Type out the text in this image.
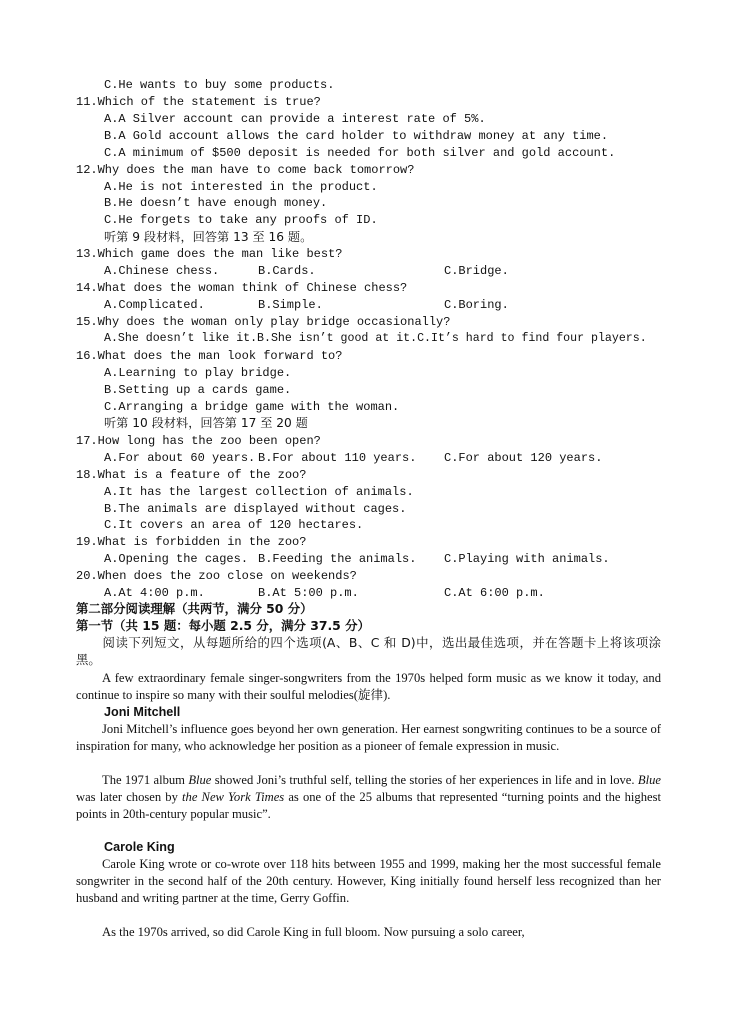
C.He wants to buy some products.
11.Which of the statement is true?
A.A Silver account can provide a interest rate of 5%.
B.A Gold account allows the card holder to withdraw money at any time.
C.A minimum of $500 deposit is needed for both silver and gold account.
12.Why does the man have to come back tomorrow?
A.He is not interested in the product.
B.He doesn’t have enough money.
C.He forgets to take any proofs of ID.
听第 9 段材料，回答第 13 至 16 题。
13.Which game does the man like best?
A.Chinese chess.	B.Cards.	C.Bridge.
14.What does the woman think of Chinese chess?
A.Complicated.	B.Simple.	C.Boring.
15.Why does the woman only play bridge occasionally?
A.She doesn’t like it.B.She isn’t good at it.C.It’s hard to find four players.
16.What does the man look forward to?
A.Learning to play bridge.
B.Setting up a cards game.
C.Arranging a bridge game with the woman.
听第 10 段材料，回答第 17 至 20 题
17.How long has the zoo been open?
A.For about 60 years. B.For about 110 years. C.For about 120 years.
18.What is a feature of the zoo?
A.It has the largest collection of animals.
B.The animals are displayed without cages.
C.It covers an area of 120 hectares.
19.What is forbidden in the zoo?
A.Opening the cages. B.Feeding the animals. C.Playing with animals.
20.When does the zoo close on weekends?
A.At 4:00 p.m.	B.At 5:00 p.m.	C.At 6:00 p.m.
第二部分阅读理解（共两节，满分 50 分）
第一节（共 15 题：每小题 2.5 分，满分 37.5 分）
阅读下列短文，从每题所给的四个选项(A、B、C 和 D)中，选出最佳选项，并在答题卡上将该项涂黑。
A few extraordinary female singer-songwriters from the 1970s helped form music as we know it today, and continue to inspire so many with their soulful melodies(旋律).
Joni Mitchell
Joni Mitchell’s influence goes beyond her own generation. Her earnest songwriting continues to be a source of inspiration for many, who acknowledge her position as a pioneer of female expression in music.
The 1971 album Blue showed Joni’s truthful self, telling the stories of her experiences in life and in love. Blue was later chosen by the New York Times as one of the 25 albums that represented “turning points and the highest points in 20th-century popular music”.
Carole King
Carole King wrote or co-wrote over 118 hits between 1955 and 1999, making her the most successful female songwriter in the second half of the 20th century. However, King initially found herself less recognized than her husband and writing partner at the time, Gerry Goffin.
As the 1970s arrived, so did Carole King in full bloom. Now pursuing a solo career,
